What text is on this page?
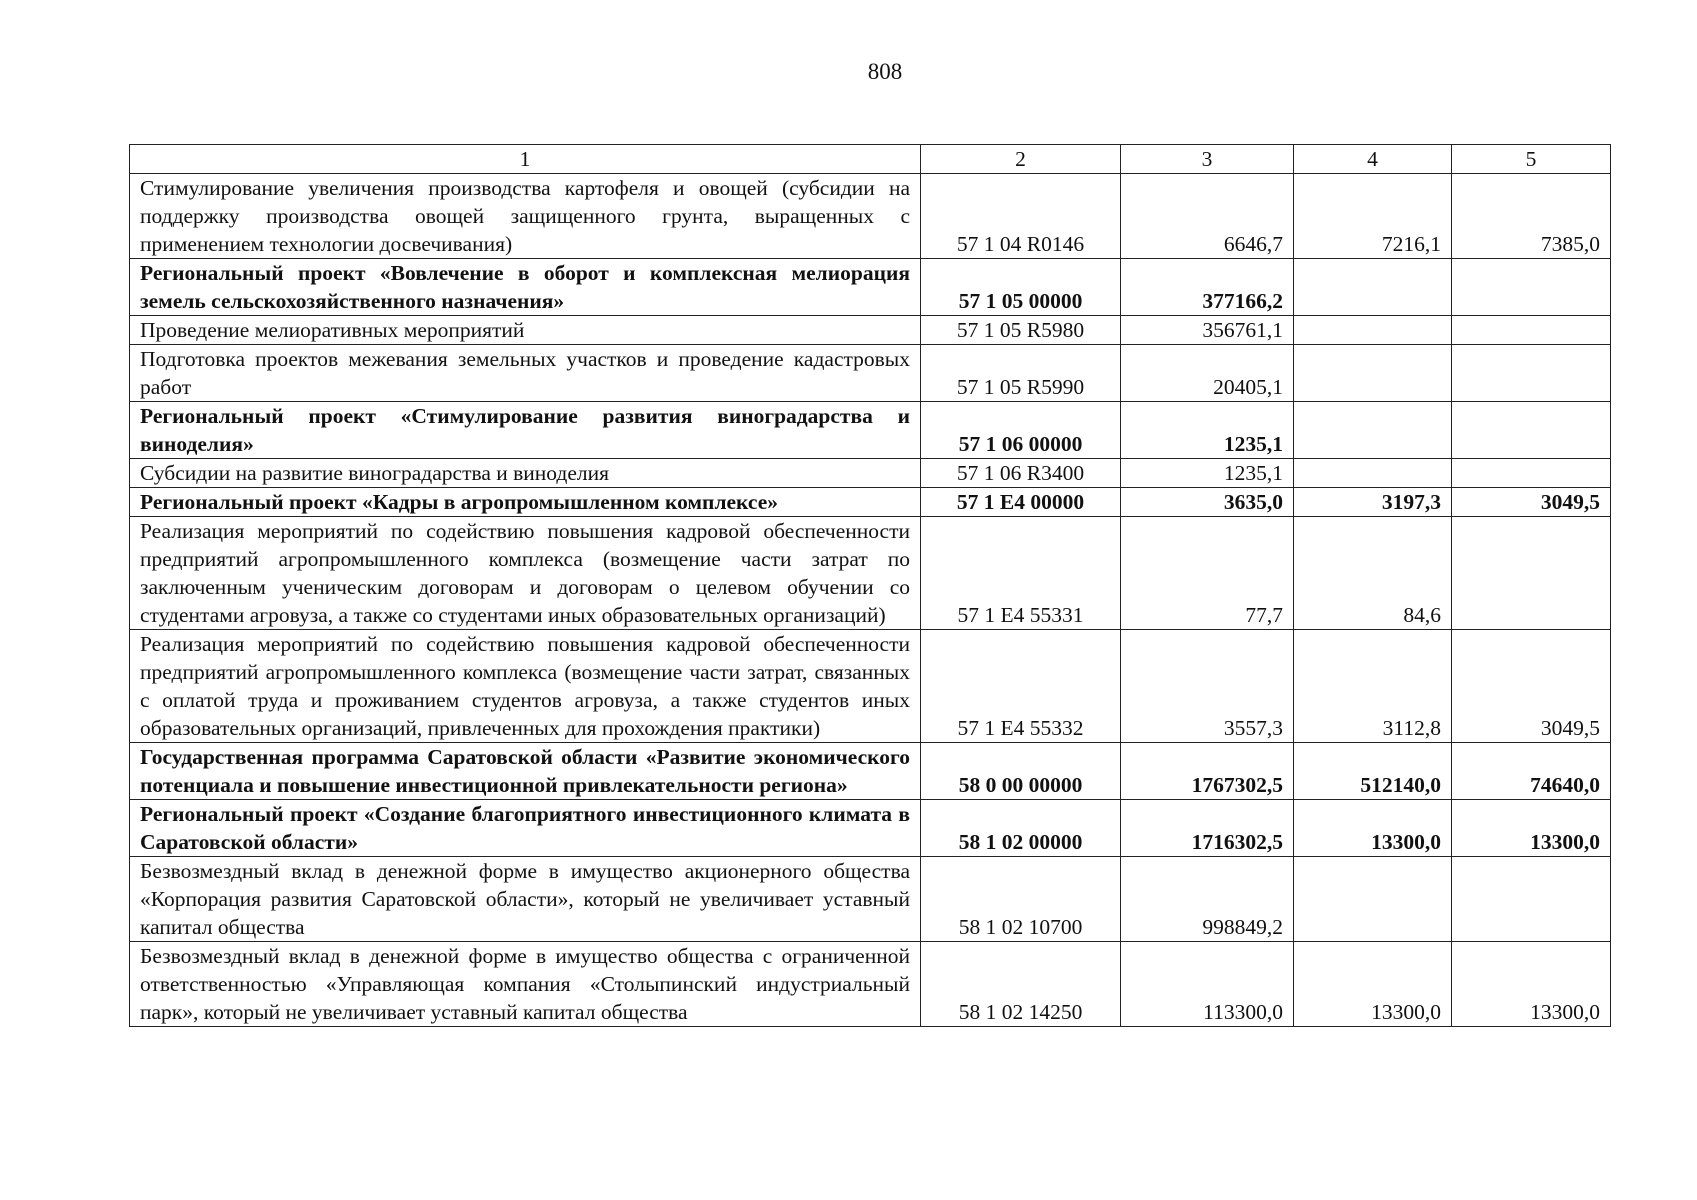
808
1	2	3	4	5
Стимулирование увеличения производства картофеля и овощей (субсидии на поддержку производства овощей защищенного грунта, выращенных с применением технологии досвечивания)	57 1 04 R0146	6646,7	7216,1	7385,0
Региональный проект «Вовлечение в оборот и комплексная мелиорация земель сельскохозяйственного назначения»	57 1 05 00000	377166,2		
Проведение мелиоративных мероприятий	57 1 05 R5980	356761,1		
Подготовка проектов межевания земельных участков и проведение кадастровых работ	57 1 05 R5990	20405,1		
Региональный проект «Стимулирование развития виноградарства и виноделия»	57 1 06 00000	1235,1		
Субсидии на развитие виноградарства и виноделия	57 1 06 R3400	1235,1		
Региональный проект «Кадры в агропромышленном комплексе»	57 1 E4 00000	3635,0	3197,3	3049,5
Реализация мероприятий по содействию повышения кадровой обеспеченности предприятий агропромышленного комплекса (возмещение части затрат по заключенным ученическим договорам и договорам о целевом обучении со студентами агровуза, а также со студентами иных образовательных организаций)	57 1 E4 55331	77,7	84,6	
Реализация мероприятий по содействию повышения кадровой обеспеченности предприятий агропромышленного комплекса (возмещение части затрат, связанных с оплатой труда и проживанием студентов агровуза, а также студентов иных образовательных организаций, привлеченных для прохождения практики)	57 1 E4 55332	3557,3	3112,8	3049,5
Государственная программа Саратовской области «Развитие экономического потенциала и повышение инвестиционной привлекательности региона»	58 0 00 00000	1767302,5	512140,0	74640,0
Региональный проект «Создание благоприятного инвестиционного климата в Саратовской области»	58 1 02 00000	1716302,5	13300,0	13300,0
Безвозмездный вклад в денежной форме в имущество акционерного общества «Корпорация развития Саратовской области», который не увеличивает уставный капитал общества	58 1 02 10700	998849,2		
Безвозмездный вклад в денежной форме в имущество общества с ограниченной ответственностью «Управляющая компания «Столыпинский индустриальный парк», который не увеличивает уставный капитал общества	58 1 02 14250	113300,0	13300,0	13300,0
